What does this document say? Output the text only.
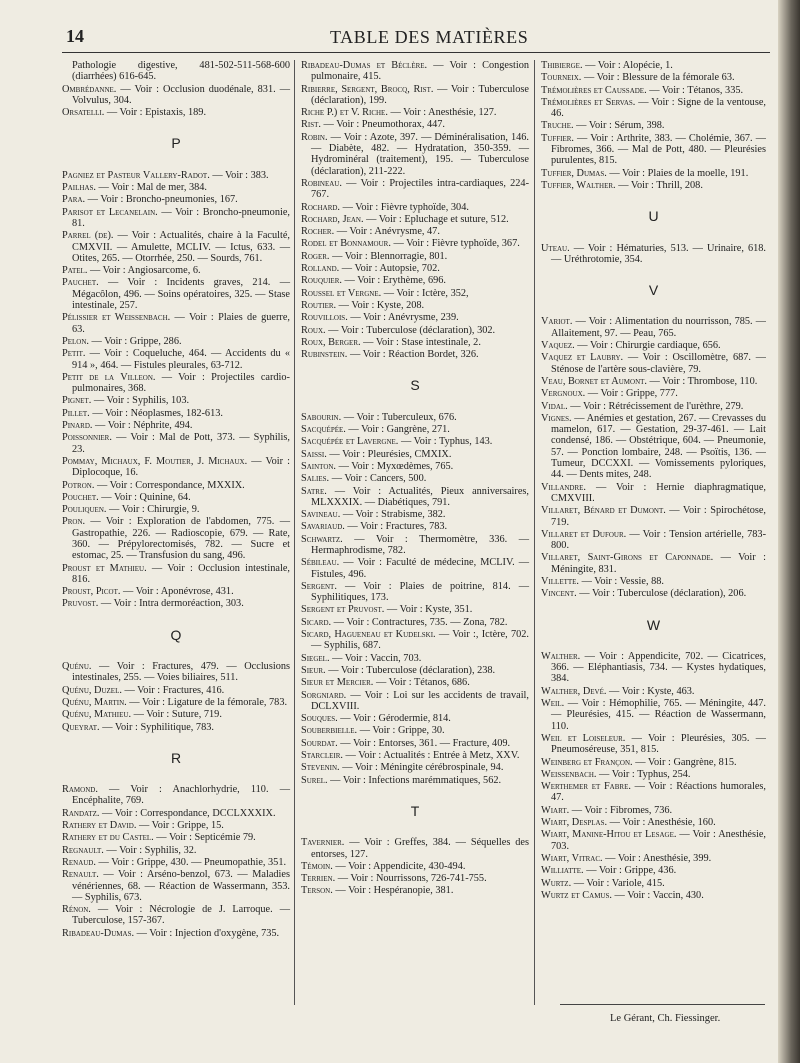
14	TABLE DES MATIÈRES
Pathologie digestive, 481-502-511-568-600 (diarrhées) 616-645.
Ombrédanne. — Voir : Occlusion duodénale, 831. — Volvulus, 304.
Orsatelli. — Voir : Epistaxis, 189.
P
Pagniez et Pasteur Vallery-Radot. — Voir : 383.
Pailhas. — Voir : Mal de mer, 384.
Para. — Voir : Broncho-pneumonies, 167.
Parisot et Lecanelain. — Voir : Broncho-pneumonie, 81.
Parrel (de). — Voir : Actualités, chaire à la Faculté, CMXVII. — Amulette, MCLIV. — Ictus, 633. — Otites, 265. — Otorrhée, 250. — Sourds, 761.
Patel. — Voir : Angiosarcome, 6.
Pauchet. — Voir : Incidents graves, 214. — Mégacôlon, 496. — Soins opératoires, 325. — Stase intestinale, 257.
Pélissier et Weissenbach. — Voir : Plaies de guerre, 63.
Pelon. — Voir : Grippe, 286.
Petit. — Voir : Coqueluche, 464. — Accidents du « 914 », 464. — Fistules pleurales, 63-712.
Petit de la Villeon. — Voir : Projectiles cardio-pulmonaires, 368.
Pignet. — Voir : Syphilis, 103.
Pillet. — Voir : Néoplasmes, 182-613.
Pinard. — Voir : Néphrite, 494.
Poissonnier. — Voir : Mal de Pott, 373. — Syphilis, 23.
Pommay, Michaux, F. Moutier, J. Michaux. — Voir : Diplocoque, 16.
Potron. — Voir : Correspondance, MXXIX.
Pouchet. — Voir : Quinine, 64.
Pouliquen. — Voir : Chirurgie, 9.
Pron. — Voir : Exploration de l'abdomen, 775. — Gastropathie, 226. — Radioscopie, 679. — Rate, 360. — Prépylorectomisés, 782. — Sucre et estomac, 25. — Transfusion du sang, 496.
Proust et Mathieu. — Voir : Occlusion intestinale, 816.
Proust, Picot. — Voir : Aponévrose, 431.
Pruvost. — Voir : Intra dermoréaction, 303.
Q
Quénu. — Voir : Fractures, 479. — Occlusions intestinales, 255. — Voies biliaires, 511.
Quénu, Duzel. — Voir : Fractures, 416.
Quénu, Martin. — Voir : Ligature de la fémorale, 783.
Quénu, Mathieu. — Voir : Suture, 719.
Queyrat. — Voir : Syphilitique, 783.
R
Ramond. — Voir : Anachlorhydrie, 110. — Encéphalite, 769.
Randatz. — Voir : Correspondance, DCCLXXXIX.
Rathery et David. — Voir : Grippe, 15.
Rathery et du Castel. — Voir : Septicémie 79.
Regnault. — Voir : Syphilis, 32.
Renaud. — Voir : Grippe, 430. — Pneumopathie, 351.
Renault. — Voir : Arséno-benzol, 673. — Maladies vénériennes, 68. — Réaction de Wassermann, 353. — Syphilis, 673.
Rénon. — Voir : Nécrologie de J. Larroque. — Tuberculose, 157-367.
Ribadeau-Dumas. — Voir : Injection d'oxygène, 735.
Ribadeau-Dumas et Béclère. — Voir : Congestion pulmonaire, 415.
Ribierre, Sergent, Brocq, Rist. — Voir : Tuberculose (déclaration), 199.
Riche P.) et V. Riche. — Voir : Anesthésie, 127.
Rist. — Voir : Pneumothorax, 447.
Robin. — Voir : Azote, 397. — Déminéralisation, 146. — Diabète, 482. — Hydratation, 350-359. — Hydrominéral (traitement), 195. — Tuberculose (déclaration), 211-222.
Robineau. — Voir : Projectiles intra-cardiaques, 224-767.
Rochard. — Voir : Fièvre typhoïde, 304.
Rochard, Jean. — Voir : Epluchage et suture, 512.
Rocher. — Voir : Anévrysme, 47.
Rodel et Bonnamour. — Voir : Fièvre typhoïde, 367.
Roger. — Voir : Blennorragie, 801.
Rolland. — Voir : Autopsie, 702.
Rouquier. — Voir : Erythème, 696.
Roussel et Vergne. — Voir : Ictère, 352,
Routier. — Voir : Kyste, 208.
Rouvillois. — Voir : Anévrysme, 239.
Roux. — Voir : Tuberculose (déclaration), 302.
Roux, Berger. — Voir : Stase intestinale, 2.
Rubinstein. — Voir : Réaction Bordet, 326.
S
Sabourin. — Voir : Tuberculeux, 676.
Sacquépée. — Voir : Gangrène, 271.
Sacquépée et Lavergne. — Voir : Typhus, 143.
Saissi. — Voir : Pleurésies, CMXIX.
Sainton. — Voir : Myxœdèmes, 765.
Salies. — Voir : Cancers, 500.
Satre. — Voir : Actualités, Pieux anniversaires, MLXXXIX. — Diabétiques, 791.
Savineau. — Voir : Strabisme, 382.
Savariaud. — Voir : Fractures, 783.
Schwartz. — Voir : Thermomètre, 336. — Hermaphrodisme, 782.
Sébileau. — Voir : Faculté de médecine, MCLIV. — Fistules, 496.
Sergent. — Voir : Plaies de poitrine, 814. — Syphilitiques, 173.
Sergent et Pruvost. — Voir : Kyste, 351.
Sicard. — Voir : Contractures, 735. — Zona, 782.
Sicard, Hagueneau et Kudelski. — Voir :, Ictère, 702. — Syphilis, 687.
Siegel. — Voir : Vaccin, 703.
Sieur. — Voir : Tuberculose (déclaration), 238.
Sieur et Mercier. — Voir : Tétanos, 686.
Sorgniard. — Voir : Loi sur les accidents de travail, DCLXVIII.
Souques. — Voir : Gérodermie, 814.
Souberbielle. — Voir : Grippe, 30.
Sourdat. — Voir : Entorses, 361. — Fracture, 409.
Starcleir. — Voir : Actualités : Entrée à Metz, XXV.
Stevenin. — Voir : Méningite cérébrospinale, 94.
Surel. — Voir : Infections marémmatiques, 562.
T
Tavernier. — Voir : Greffes, 384. — Séquelles des entorses, 127.
Témoin. — Voir : Appendicite, 430-494.
Terrien. — Voir : Nourrissons, 726-741-755.
Terson. — Voir : Hespéranopie, 381.
Thibierge. — Voir : Alopécie, 1.
Tourneix. — Voir : Blessure de la fémorale 63.
Trémolières et Caussade. — Voir : Tétanos, 335.
Trémolières et Servas. — Voir : Signe de la ventouse, 46.
Truche. — Voir : Sérum, 398.
Tuffier. — Voir : Arthrite, 383. — Cholémie, 367. — Fibromes, 366. — Mal de Pott, 480. — Pleurésies purulentes, 815.
Tuffier, Dumas. — Voir : Plaies de la moelle, 191.
Tuffier, Walther. — Voir : Thrill, 208.
U
Uteau. — Voir : Hématuries, 513. — Urinaire, 618. — Uréthrotomie, 354.
V
Variot. — Voir : Alimentation du nourrisson, 785. — Allaitement, 97. — Peau, 765.
Vaquez. — Voir : Chirurgie cardiaque, 656.
Vaquez et Laubry. — Voir : Oscillomètre, 687. — Sténose de l'artère sous-clavière, 79.
Veau, Bornet et Aumont. — Voir : Thrombose, 110.
Vergnoux. — Voir : Grippe, 777.
Vidal. — Voir : Rétrécissement de l'urèthre, 279.
Vignes. — Anémies et gestation, 267. — Crevasses du mamelon, 617. — Gestation, 29-37-461. — Lait condensé, 186. — Obstétrique, 604. — Pneumonie, 57. — Ponction lombaire, 248. — Psoïtis, 136. — Tumeur, DCCXXI. — Vomissements pyloriques, 44. — Dents mites, 248.
Villandre. — Voir : Hernie diaphragmatique, CMXVIII.
Villaret, Bénard et Dumont. — Voir : Spirochétose, 719.
Villaret et Dufour. — Voir : Tension artérielle, 783-800.
Villaret, Saint-Girons et Caponnade. — Voir : Méningite, 831.
Villette. — Voir : Vessie, 88.
Vincent. — Voir : Tuberculose (déclaration), 206.
W
Walther. — Voir : Appendicite, 702. — Cicatrices, 366. — Eléphantiasis, 734. — Kystes hydatiques, 384.
Walther, Devé. — Voir : Kyste, 463.
Weil. — Voir : Hémophilie, 765. — Méningite, 447. — Pleurésies, 415. — Réaction de Wassermann, 110.
Weil et Loiseleur. — Voir : Pleurésies, 305. — Pneumoséreuse, 351, 815.
Weinberg et Françon. — Voir : Gangrène, 815.
Weissenbach. — Voir : Typhus, 254.
Werthemer et Fabre. — Voir : Réactions humorales, 47.
Wiart. — Voir : Fibromes, 736.
Wiart, Desplas. — Voir : Anesthésie, 160.
Wiart, Manine-Hitou et Lesage. — Voir : Anesthésie, 703.
Wiart, Vitrac. — Voir : Anesthésie, 399.
Williatte. — Voir : Grippe, 436.
Wurtz. — Voir : Variole, 415.
Wurtz et Camus. — Voir : Vaccin, 430.
Le Gérant, Ch. Fiessinger.
